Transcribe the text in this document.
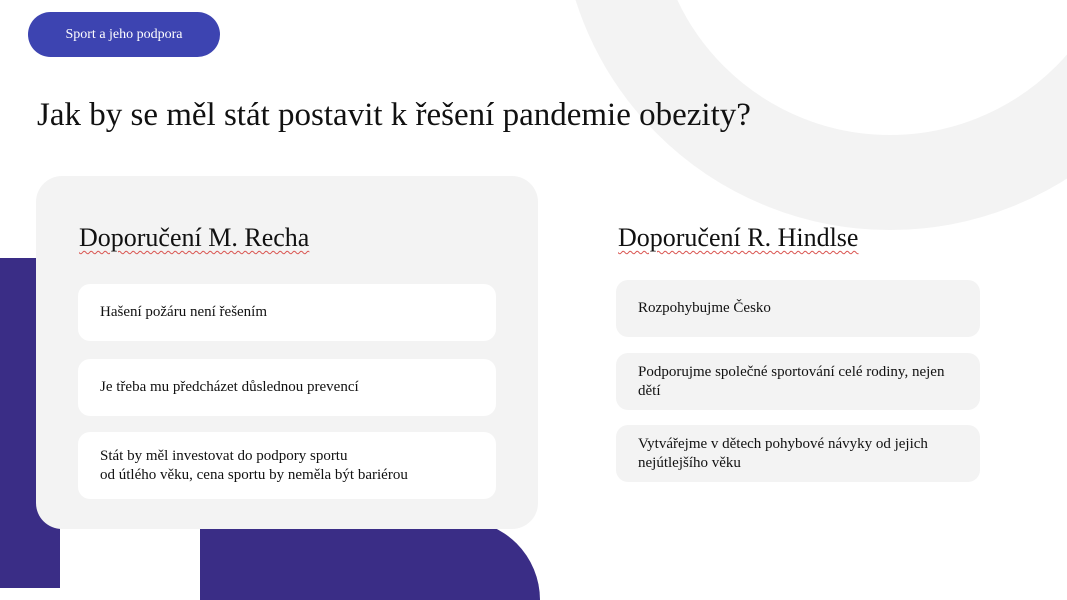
Sport a jeho podpora
Jak by se měl stát postavit k řešení pandemie obezity?
Doporučení M. Recha
Hašení požáru není řešením
Je třeba mu předcházet důslednou prevencí
Stát by měl investovat do podpory sportu
od útlého věku, cena sportu by neměla být bariérou
Doporučení R. Hindlse
Rozpohybujme Česko
Podporujme společné sportování celé rodiny, nejen dětí
Vytvářejme v dětech pohybové návyky od jejich nejútlejšího věku
